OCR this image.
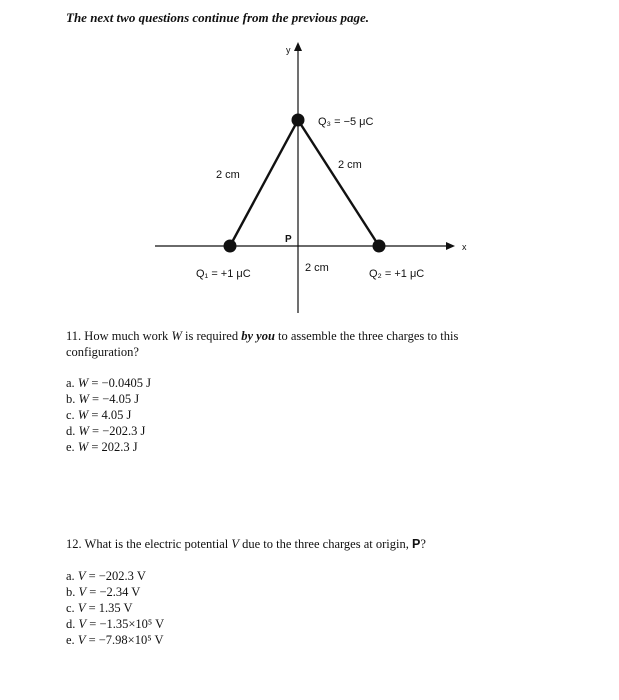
The next two questions continue from the previous page.
x
y
Q₃ = −5 μC
2 cm
2 cm
P
Q₁ = +1 μC	2 cm	Q₂ = +1 μC
11. How much work W is required by you to assemble the three charges to this configuration?
a. W = −0.0405 J
b. W = −4.05 J
c. W = 4.05 J
d. W = −202.3 J
e. W = 202.3 J
12. What is the electric potential V due to the three charges at origin, P?
a. V = −202.3 V
b. V = −2.34 V
c. V = 1.35 V
d. V = −1.35×10⁵ V
e. V = −7.98×10⁵ V
